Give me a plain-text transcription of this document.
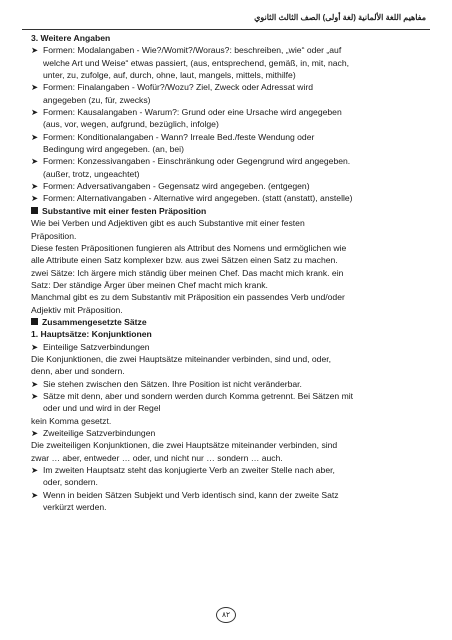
مفاهيم اللغة الألمانية (لغة أولى) الصف الثالث الثانوي
3. Weitere Angaben
➤ Formen: Modalangaben - Wie?/Womit?/Woraus?: beschreiben, „wie“ oder „auf
welche Art und Weise“ etwas passiert, (aus, entsprechend, gemäß, in, mit, nach,
unter, zu, zufolge, auf, durch, ohne, laut, mangels, mittels, mithilfe)
➤ Formen: Finalangaben - Wofür?/Wozu? Ziel, Zweck oder Adressat wird
angegeben (zu, für, zwecks)
➤ Formen: Kausalangaben - Warum?: Grund oder eine Ursache wird angegeben
(aus, vor, wegen, aufgrund, bezüglich, infolge)
➤ Formen: Konditionalangaben - Wann? Irreale Bed./feste Wendung oder
Bedingung wird angegeben. (an, bei)
➤ Formen: Konzessivangaben - Einschränkung oder Gegengrund wird angegeben.
(außer, trotz, ungeachtet)
➤ Formen: Adversativangaben - Gegensatz wird angegeben. (entgegen)
➤ Formen: Alternativangaben - Alternative wird angegeben. (statt (anstatt), anstelle)
Substantive mit einer festen Präposition
Wie bei Verben und Adjektiven gibt es auch Substantive mit einer festen
Präposition.
Diese festen Präpositionen fungieren als Attribut des Nomens und ermöglichen wie
alle Attribute einen Satz komplexer bzw. aus zwei Sätzen einen Satz zu machen.
zwei Sätze: Ich ärgere mich ständig über meinen Chef. Das macht mich krank. ein
Satz: Der ständige Ärger über meinen Chef macht mich krank.
Manchmal gibt es zu dem Substantiv mit Präposition ein passendes Verb und/oder
Adjektiv mit Präposition.
Zusammengesetzte Sätze
1. Hauptsätze: Konjunktionen
➤ Einteilige Satzverbindungen
Die Konjunktionen, die zwei Hauptsätze miteinander verbinden, sind und, oder,
denn, aber und sondern.
➤ Sie stehen zwischen den Sätzen. Ihre Position ist nicht veränderbar.
➤ Sätze mit denn, aber und sondern werden durch Komma getrennt. Bei Sätzen mit
oder und und wird in der Regel
kein Komma gesetzt.
➤ Zweiteilige Satzverbindungen
Die zweiteiligen Konjunktionen, die zwei Hauptsätze miteinander verbinden, sind
zwar … aber, entweder … oder, und nicht nur … sondern … auch.
➤ Im zweiten Hauptsatz steht das konjugierte Verb an zweiter Stelle nach aber,
oder, sondern.
➤ Wenn in beiden Sätzen Subjekt und Verb identisch sind, kann der zweite Satz
verkürzt werden.
٨٢
